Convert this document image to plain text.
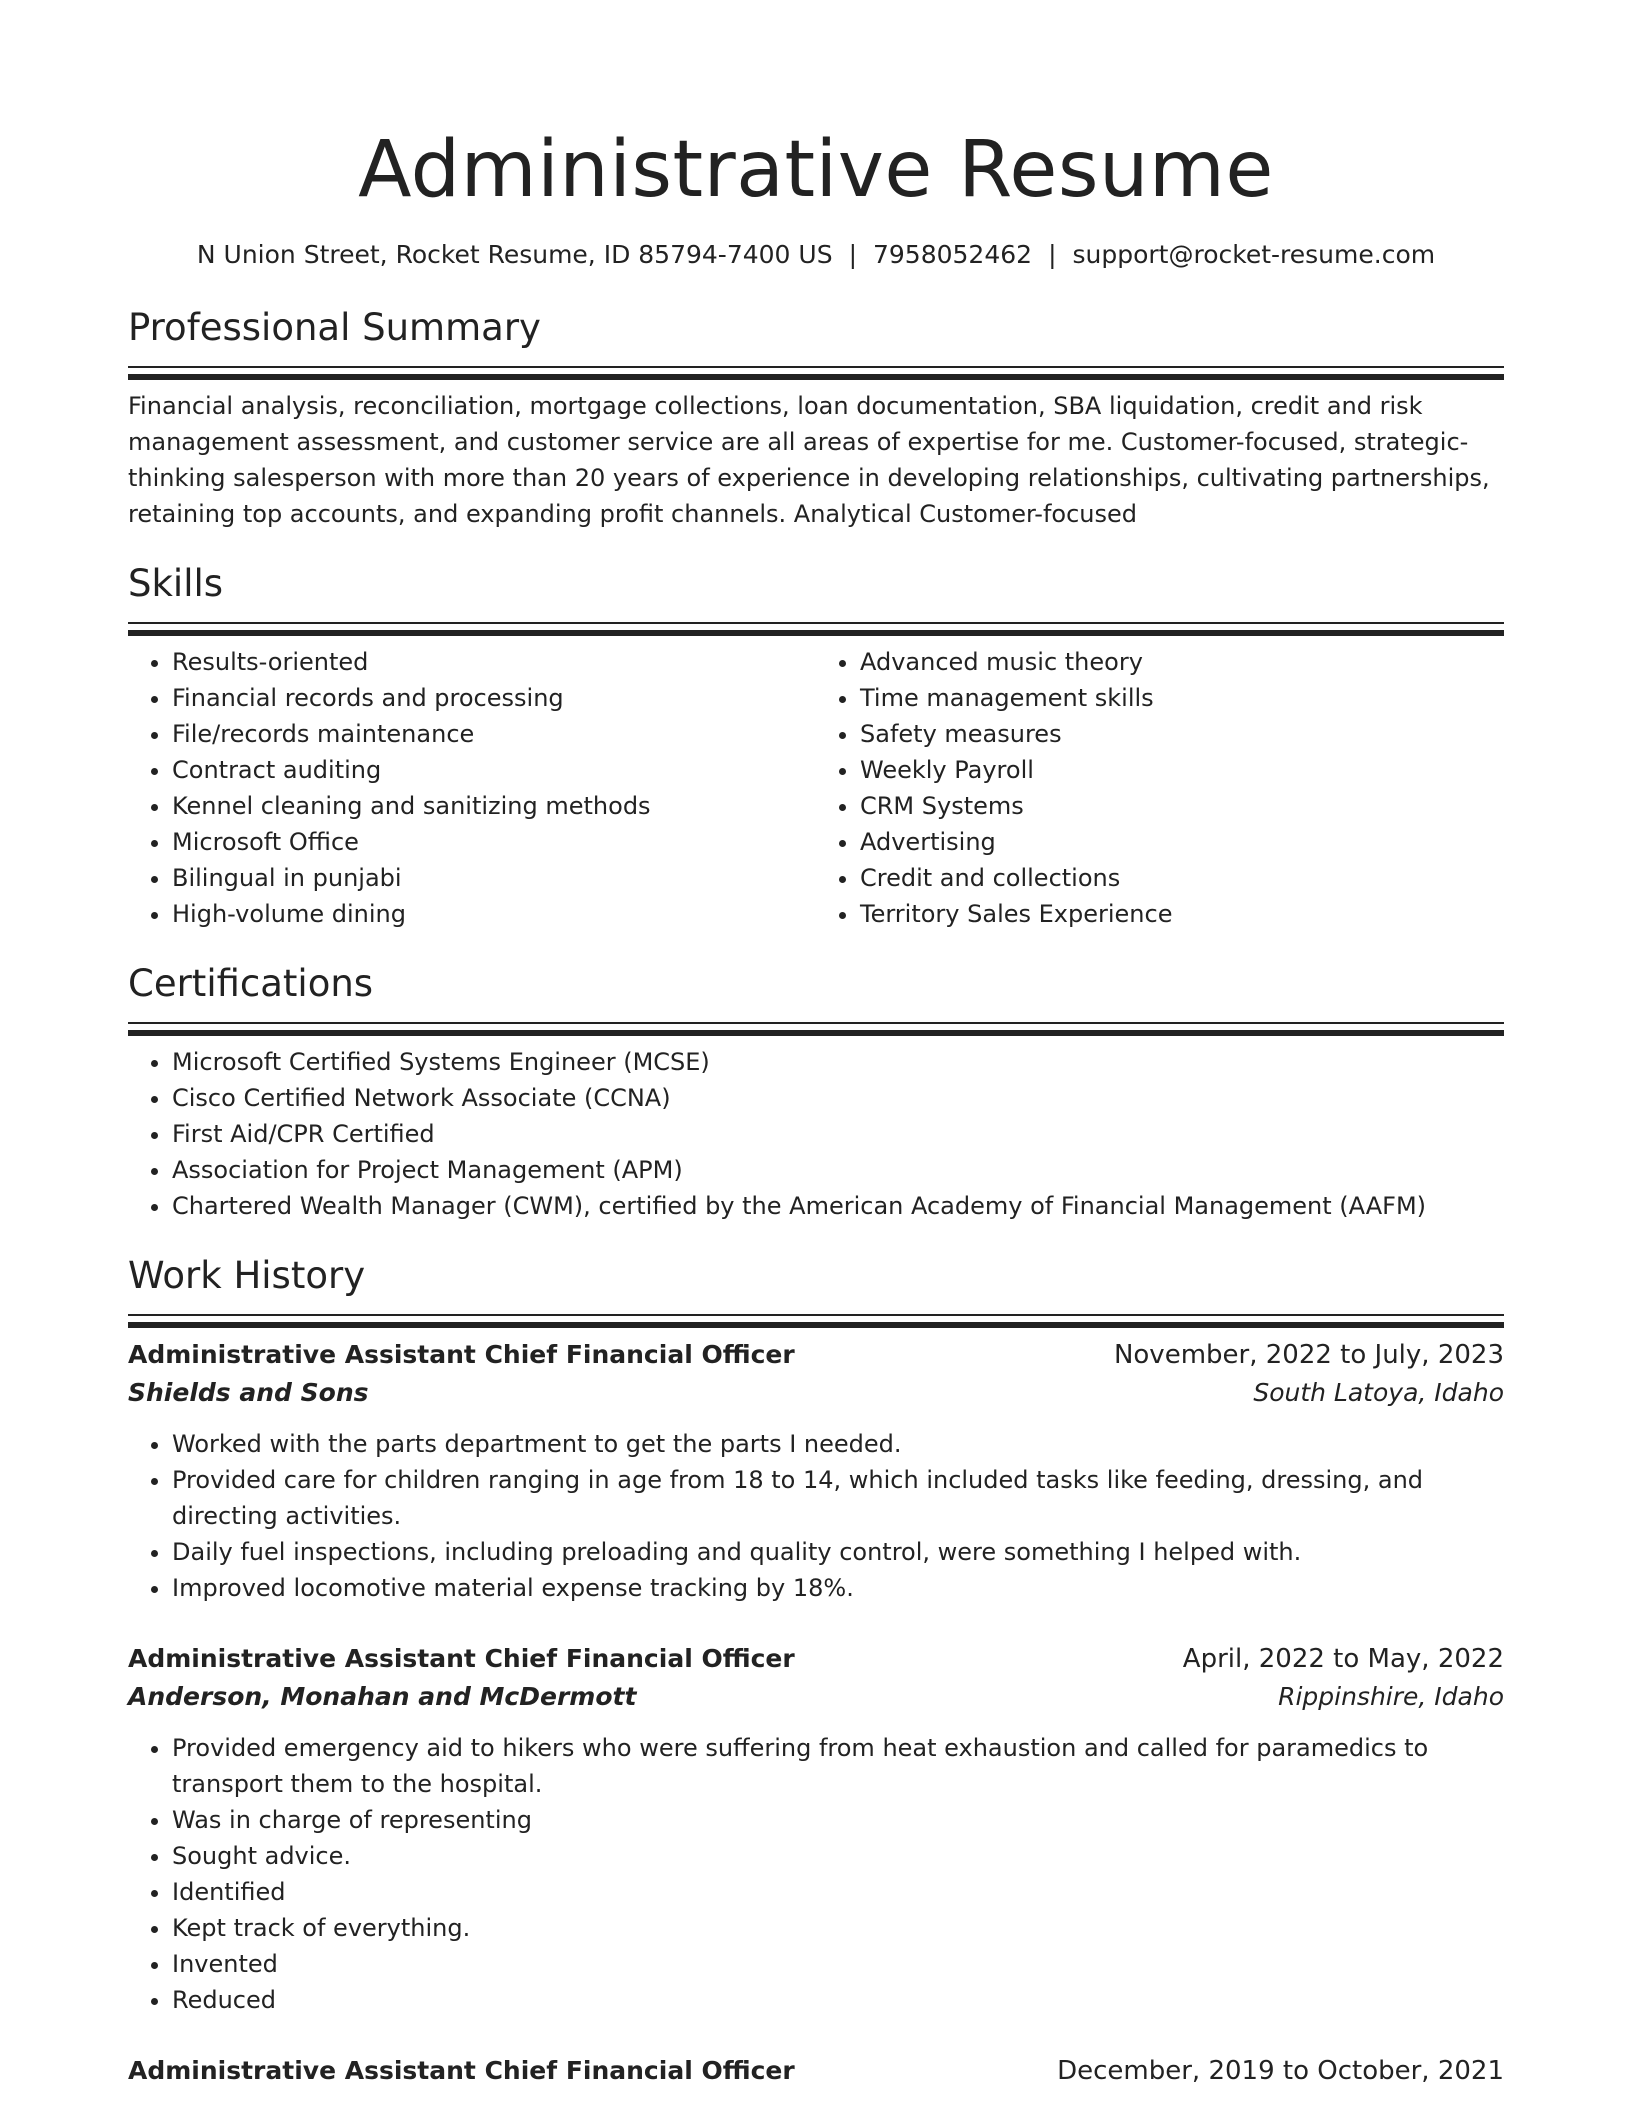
Administrative Resume
N Union Street, Rocket Resume, ID 85794-7400 US | 7958052462 | support@rocket-resume.com
Professional Summary

Financial analysis, reconciliation, mortgage collections, loan documentation, SBA liquidation, credit and risk management assessment, and customer service are all areas of expertise for me. Customer-focused, strategic-thinking salesperson with more than 20 years of experience in developing relationships, cultivating partnerships, retaining top accounts, and expanding profit channels. Analytical Customer-focused

Skills
• Results-oriented
• Financial records and processing
• File/records maintenance
• Contract auditing
• Kennel cleaning and sanitizing methods
• Microsoft Office
• Bilingual in punjabi
• High-volume dining
• Advanced music theory
• Time management skills
• Safety measures
• Weekly Payroll
• CRM Systems
• Advertising
• Credit and collections
• Territory Sales Experience
Certifications
• Microsoft Certified Systems Engineer (MCSE)
• Cisco Certified Network Associate (CCNA)
• First Aid/CPR Certified
• Association for Project Management (APM)
• Chartered Wealth Manager (CWM), certified by the American Academy of Financial Management (AAFM)
Work History
Administrative Assistant Chief Financial Officer	November, 2022 to July, 2023
Shields and Sons	South Latoya, Idaho
• Worked with the parts department to get the parts I needed.
• Provided care for children ranging in age from 18 to 14, which included tasks like feeding, dressing, and directing activities.
• Daily fuel inspections, including preloading and quality control, were something I helped with.
• Improved locomotive material expense tracking by 18%.
Administrative Assistant Chief Financial Officer	April, 2022 to May, 2022
Anderson, Monahan and McDermott	Rippinshire, Idaho
• Provided emergency aid to hikers who were suffering from heat exhaustion and called for paramedics to transport them to the hospital.
• Was in charge of representing
• Sought advice.
• Identified
• Kept track of everything.
• Invented
• Reduced
Administrative Assistant Chief Financial Officer	December, 2019 to October, 2021
